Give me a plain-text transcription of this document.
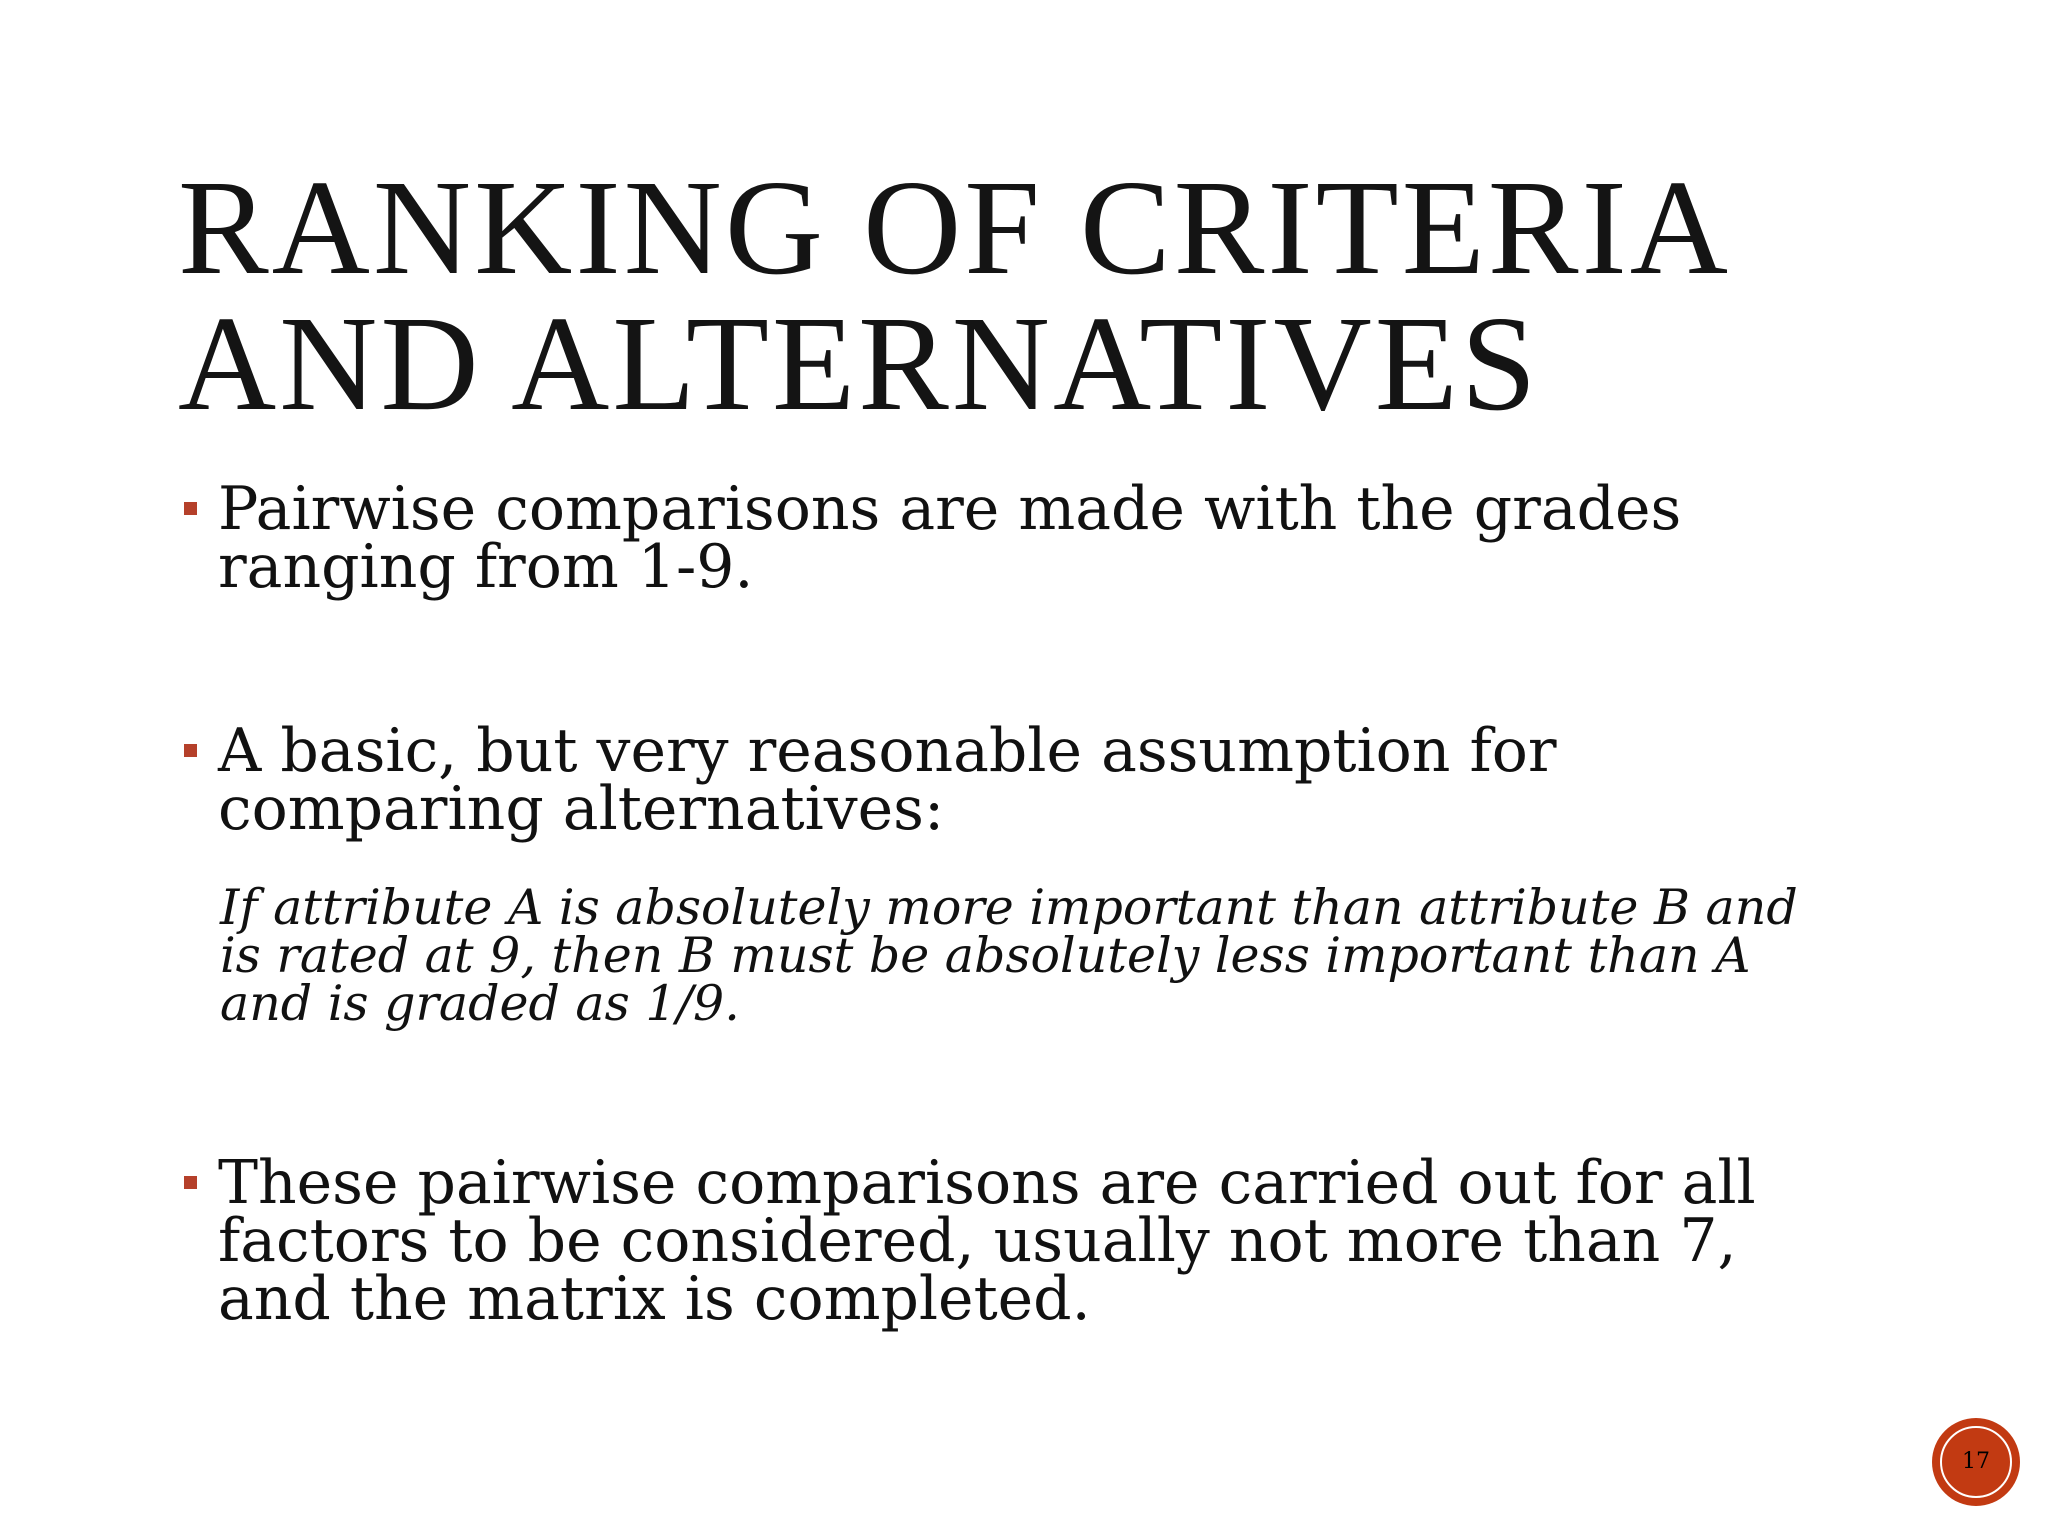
RANKING OF CRITERIA
AND ALTERNATIVES
Pairwise comparisons are made with the grades ranging from 1-9.
A basic, but very reasonable assumption for comparing alternatives:

If attribute A is absolutely more important than attribute B and is rated at 9, then B must be absolutely less important than A and is graded as 1/9.

These pairwise comparisons are carried out for all factors to be considered, usually not more than 7, and the matrix is completed.
17
